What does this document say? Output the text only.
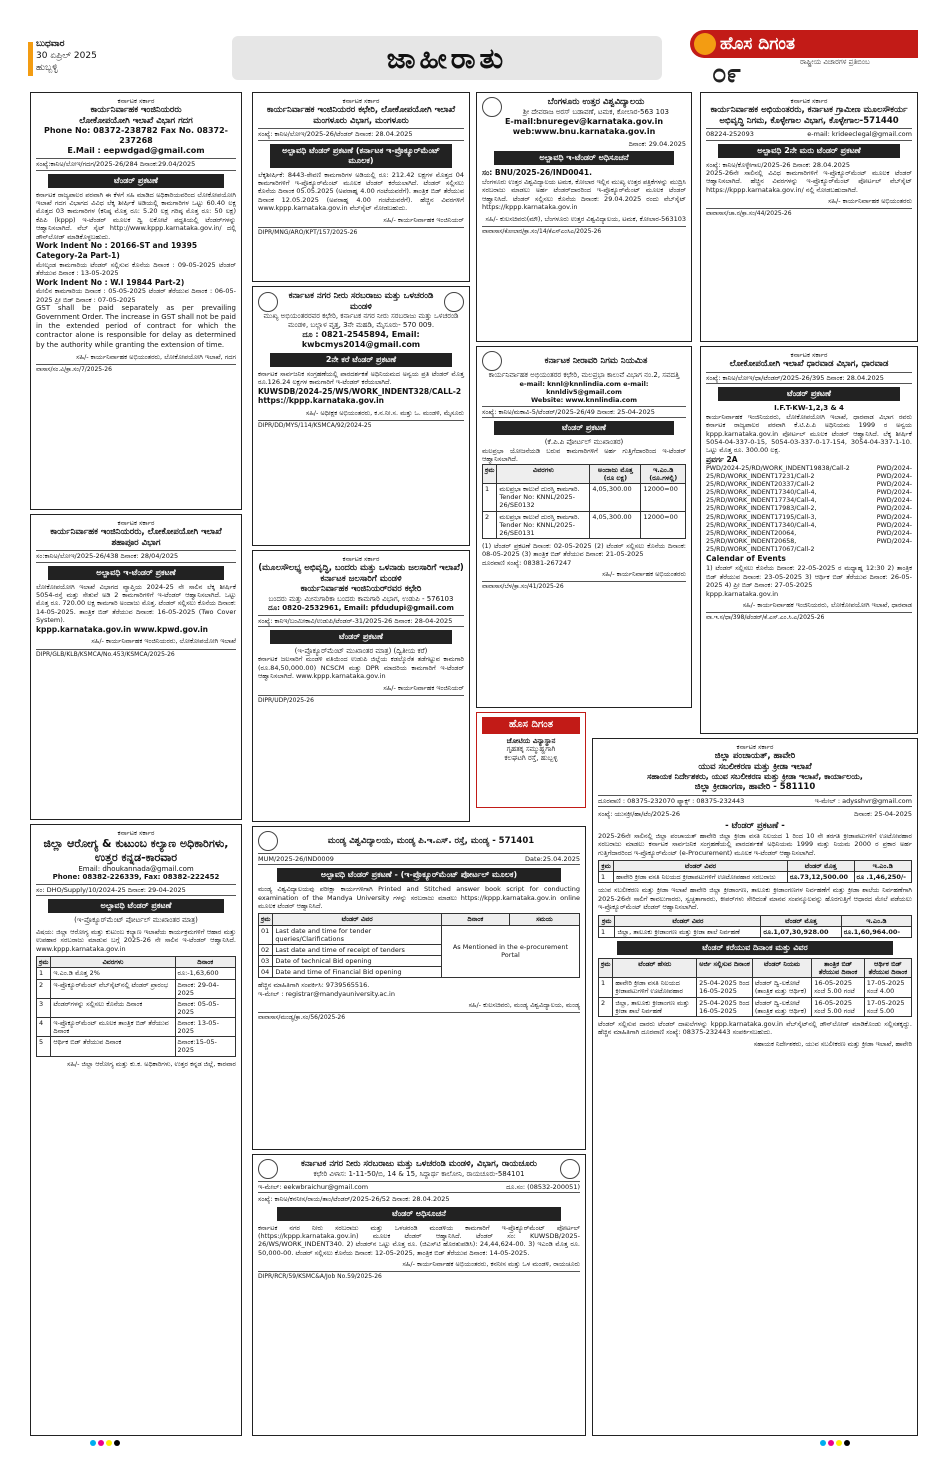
ಬುಧವಾರ
30 ಏಪ್ರಿಲ್ 2025
ಹುಬ್ಬಳ್ಳಿ	ಜಾಹೀರಾತು	ಹೊಸ ದಿಗಂತ
೦೯	ರಾಷ್ಟ್ರೀಯ ವಿಚಾರಗಳ ಪ್ರತಿಬಿಂಬ
ಕರ್ನಾಟಕ ಸರ್ಕಾರ
ಕಾರ್ಯನಿರ್ವಾಹಕ ಇಂಜಿನಿಯರರು
ಲೋಕೋಪಯೋಗಿ ಇಲಾಖೆ ವಿಭಾಗ ಗದಗ
Phone No: 08372-238782 Fax No. 08372-237268
E.Mail : eepwdgad@gmail.com
ಸಂಖ್ಯೆ:ಕಾನಿಅ/ಲೋಇ/ಗದಗ/2025-26/284 ದಿನಾಂಕ:29.04/2025
ಟೆಂಡರ್ ಪ್ರಕಟಣೆ
ಕರ್ನಾಟಕ ರಾಜ್ಯಪಾಲರ ಪರವಾಗಿ ಈ ಕೆಳಗೆ ಸಹಿ ಮಾಡಿದ ಅಧಿಕಾರಿಯವರಿಂದ ಲೋಕೋಪಯೋಗಿ ಇಲಾಖೆ ಗದಗ ವಿಭಾಗದ ವಿವಿಧ ಲೆಕ್ಕ ಶೀರ್ಷಿಕೆ ಅಡಿಯಲ್ಲಿ ಕಾಮಗಾರಿಗಳ ಒಟ್ಟು 60.40 ಲಕ್ಷ ಮೊತ್ತದ 03 ಕಾಮಗಾರಿಗಳ (ಕನಿಷ್ಠ ಮೊತ್ತ ರೂ: 5.20 ಲಕ್ಷ ಗರಿಷ್ಠ ಮೊತ್ತ ರೂ: 50 ಲಕ್ಷ) ಕೆಪಿಪಿ (kppp) ಇ-ಟೆಂಡರ್ ಮೂಲಕ ದ್ವಿ ಲಕೋಟೆ ಪದ್ಧತಿಯಲ್ಲಿ ಟೆಂಡರ್‌ಗಳನ್ನು ಆಹ್ವಾನಿಸಲಾಗಿದೆ. ವೆಬ್ ಸೈಟ್ http://www.kppp.karnataka.gov.in/ ದಲ್ಲಿ ಡೌನ್‌ಲೋಡ್ ಮಾಡಿಕೊಳ್ಳಬಹುದು.
Work Indent No : 20166-ST and 19395 Category-2a Part-1)
ಮೇಲ್ಕಂಡ ಕಾಮಗಾರಿಯ ಟೆಂಡರ್ ಸಲ್ಲಿಸುವ ಕೊನೆಯ ದಿನಾಂಕ : 09-05-2025 ಟೆಂಡರ್ ತೆರೆಯುವ ದಿನಾಂಕ : 13-05-2025
Work Indent No : W.I 19844 Part-2)
ಮೇಲಿನ ಕಾಮಗಾರಿಯ ದಿನಾಂಕ : 05-05-2025 ಟೆಂಡರ್ ತೆರೆಯುವ ದಿನಾಂಕ : 06-05-2025 ಪ್ರೀ ಬಿಡ್ ದಿನಾಂಕ : 07-05-2025
GST shall be paid separately as per prevailing Government Order. The increase in GST shall not be paid in the extended period of contract for which the contractor alone is responsible for delay as determined by the authority while granting the extension of time.
ಸಹಿ/- ಕಾರ್ಯನಿರ್ವಾಹಕ ಅಭಿಯಂತರರು, ಲೋಕೋಪಯೋಗಿ ಇಲಾಖೆ, ಗದಗ
ವಾಸಾಸ/ಸಂ.ವಿ/ಕ್ರಾ.ಸಂ/7/2025-26
ಕರ್ನಾಟಕ ಸರ್ಕಾರ
ಕಾರ್ಯನಿರ್ವಾಹಕ ಇಂಜಿನಿಯರರ ಕಛೇರಿ, ಲೋಕೋಪಯೋಗಿ ಇಲಾಖೆ ಮಂಗಳೂರು ವಿಭಾಗ, ಮಂಗಳೂರು
ಸಂಖ್ಯೆ: ಕಾನಿಅ/ಲೋಇ/2025-26/ಟೆಂಡರ್ ದಿನಾಂಕ: 28.04.2025
ಅಲ್ಪಾವಧಿ ಟೆಂಡರ್ ಪ್ರಕಟಣೆ (ಕರ್ನಾಟಕ ಇ-ಪ್ರೊಕ್ಯೂರ್‌ಮೆಂಟ್ ಮೂಲಕ)
ಲೆಕ್ಕಶೀರ್ಷಿಕೆ: 8443-ಠೇವಣಿ ಕಾಮಗಾರಿಗಳ ಅಡಿಯಲ್ಲಿ ರೂ: 212.42 ಲಕ್ಷಗಳ ಮೊತ್ತದ 04 ಕಾಮಗಾರಿಗಳಿಗೆ ಇ-ಪ್ರೊಕ್ಯೂರ್‌ಮೆಂಟ್ ಮೂಲಕ ಟೆಂಡರ್ ಕರೆಯಲಾಗಿದೆ. ಟೆಂಡರ್ ಸಲ್ಲಿಸಲು ಕೊನೆಯ ದಿನಾಂಕ 05.05.2025 (ಅಪರಾಹ್ನ 4.00 ಗಂಟೆಯವರೆಗೆ). ತಾಂತ್ರಿಕ ಬಿಡ್ ತೆರೆಯುವ ದಿನಾಂಕ 12.05.2025 (ಅಪರಾಹ್ನ 4.00 ಗಂಟೆಯವರೆಗೆ). ಹೆಚ್ಚಿನ ವಿವರಗಳಿಗೆ www.kppp.karnataka.gov.in ವೆಬ್‌ಸೈಟ್ ನೋಡಬಹುದು.
ಸಹಿ/- ಕಾರ್ಯನಿರ್ವಾಹಕ ಇಂಜಿನಿಯರ್
DIPR/MNG/ARO/KPT/157/2025-26
ಕರ್ನಾಟಕ ನಗರ ನೀರು ಸರಬರಾಜು ಮತ್ತು ಒಳಚರಂಡಿ ಮಂಡಳಿ
ಮುಖ್ಯ ಅಭಿಯಂತರರವರ ಕಛೇರಿ, ಕರ್ನಾಟಕ ನಗರ ನೀರು ಸರಬರಾಜು ಮತ್ತು ಒಳಚರಂಡಿ ಮಂಡಳಿ, ಬಲ್ಲಾಳ ವೃತ್ತ, 3ನೇ ಮಹಡಿ, ಮೈಸೂರು- 570 009.
ದೂ : 0821-2545894, Email: kwbcmys2014@gmail.com
2ನೇ ಕರೆ ಟೆಂಡರ್ ಪ್ರಕಟಣೆ
ಕರ್ನಾಟಕ ಸಾರ್ವಜನಿಕ ಸಂಗ್ರಹಣೆಯಲ್ಲಿ ಪಾರದರ್ಶಕತೆ ಅಧಿನಿಯಮದ ಅನ್ವಯ ಪ್ರತಿ ಟೆಂಡರ್ ಮೊತ್ತ ರೂ.126.24 ಲಕ್ಷಗಳ ಕಾಮಗಾರಿಗೆ ಇ-ಟೆಂಡರ್ ಕರೆಯಲಾಗಿದೆ.
KUWSDB/2024-25/WS/WORK_INDENT328/CALL-2
https://kppp.karnataka.gov.in
ಸಹಿ/- ಅಧೀಕ್ಷಕ ಅಭಿಯಂತರರು, ಕ.ನ.ನೀ.ಸ. ಮತ್ತು ಒ. ಮಂಡಳಿ, ಮೈಸೂರು
DIPR/DD/MYS/114/KSMCA/92/2024-25
ಬೆಂಗಳೂರು ಉತ್ತರ ವಿಶ್ವವಿದ್ಯಾಲಯ
ಶ್ರೀ ದೇವರಾಜ ಅರಸ್ ಬಡಾವಣೆ, ಟಮಕ, ಕೋಲಾರ-563 103
E-mail:bnuregev@karnataka.gov.in
web:www.bnu.karnataka.gov.in
ದಿನಾಂಕ: 29.04.2025
ಅಲ್ಪಾವಧಿ ಇ-ಟೆಂಡರ್ ಅಧಿಸೂಚನೆ
ಸಂ: BNU/2025-26/IND0041.
ಬೆಂಗಳೂರು ಉತ್ತರ ವಿಶ್ವವಿದ್ಯಾಲಯ ಟಮಕ, ಕೋಲಾರ ಇಲ್ಲಿನ ಮುಖ್ಯ ಉತ್ತರ ಪತ್ರಿಕೆಗಳನ್ನು ಮುದ್ರಿಸಿ ಸರಬರಾಜು ಮಾಡಲು ಅರ್ಹ ಟೆಂಡರ್‌ದಾರರಿಂದ ಇ-ಪ್ರೊಕ್ಯೂರ್‌ಮೆಂಟ್ ಮೂಲಕ ಟೆಂಡರ್ ಆಹ್ವಾನಿಸಿದೆ. ಟೆಂಡರ್ ಸಲ್ಲಿಸಲು ಕೊನೆಯ ದಿನಾಂಕ: 29.04.2025 ರಂದು ವೆಬ್‌ಸೈಟ್ https://kppp.karnataka.gov.in
ಸಹಿ/- ಕುಲಸಚಿವರು(ಮೌ), ಬೆಂಗಳೂರು ಉತ್ತರ ವಿಶ್ವವಿದ್ಯಾಲಯ, ಟಮಕ, ಕೋಲಾರ-563103
ವಾವಾಸಾಸ/ಕೋಲಾರ/ಕ್ರಾ.ಸಂ/14/ಕೆಎಸ್‌ಎಂಸಿಎ/2025-26
ಕರ್ನಾಟಕ ನೀರಾವರಿ ನಿಗಮ ನಿಯಮಿತ
ಕಾರ್ಯನಿರ್ವಾಹಕ ಅಭಿಯಂತರರ ಕಛೇರಿ, ಮಲಪ್ರಭಾ ಕಾಲುವೆ ವಿಭಾಗ ನಂ.2, ಸವದತ್ತಿ
e-mail: knnl@knnlindia.com e-mail: knnldiv5@gmail.com
Website: www.knnlindia.com
ಸಂಖ್ಯೆ: ಕಾನಿಅ/ಮಕಾವಿ-5/ಟೆಂಡರ್/2025-26/49 ದಿನಾಂಕ: 25-04-2025
ಟೆಂಡರ್ ಪ್ರಕಟಣೆ
(ಕೆ.ಪಿ.ಪಿ ಪೋರ್ಟಲ್ ಮುಖಾಂತರ)
ಮಲಪ್ರಭಾ ಯೋಜನೆಯಡಿ ಬರುವ ಕಾಮಗಾರಿಗಳಿಗೆ ಅರ್ಹ ಗುತ್ತಿಗೆದಾರರಿಂದ ಇ-ಟೆಂಡರ್ ಆಹ್ವಾನಿಸಲಾಗಿದೆ.
ಕ್ರಮ	ವಿವರಗಳು	ಅಂದಾಜು ಮೊತ್ತ (ರೂ ಲಕ್ಷ)	ಇ.ಎಂ.ಡಿ (ರೂ.ಗಳಲ್ಲಿ)
1	ಮಲಪ್ರಭಾ ಕಾಲುವೆ ದುರಸ್ತಿ ಕಾಮಗಾರಿ. Tender No: KNNL/2025-26/SE0132	4,05,300.00	12000=00
2	ಮಲಪ್ರಭಾ ಕಾಲುವೆ ದುರಸ್ತಿ ಕಾಮಗಾರಿ. Tender No: KNNL/2025-26/SE0131	4,05,300.00	12000=00
(1) ಟೆಂಡರ್ ಪ್ರಕಟಣೆ ದಿನಾಂಕ: 02-05-2025 (2) ಟೆಂಡರ್ ಸಲ್ಲಿಸಲು ಕೊನೆಯ ದಿನಾಂಕ: 08-05-2025 (3) ತಾಂತ್ರಿಕ ಬಿಡ್ ತೆರೆಯುವ ದಿನಾಂಕ: 21-05-2025
ದೂರವಾಣಿ ಸಂಖ್ಯೆ: 08381-267247
ಸಹಿ/- ಕಾರ್ಯನಿರ್ವಾಹಕ ಅಭಿಯಂತರರು
ವಾವಾಸಾಸ/ಬೆಳ/ಕ್ರಾ.ಸಂ/41/2025-26
ಕರ್ನಾಟಕ ಸರ್ಕಾರ
ಕಾರ್ಯನಿರ್ವಾಹಕ ಅಭಿಯಂತರರು, ಕರ್ನಾಟಕ ಗ್ರಾಮೀಣ ಮೂಲಸೌಕರ್ಯ ಅಭಿವೃದ್ಧಿ ನಿಗಮ, ಕೊಳ್ಳೇಗಾಲ ವಿಭಾಗ, ಕೊಳ್ಳೇಗಾಲ-571440
08224-252093	e-mail: krideeclegal@gmail.com
ಅಲ್ಪಾವಧಿ 2ನೇ ಮರು ಟೆಂಡರ್ ಪ್ರಕಟಣೆ
ಸಂಖ್ಯೆ: ಕಾನಿಅ/ಕೊಳ್ಳೇಗಾಲ/2025-26 ದಿನಾಂಕ: 28.04.2025
2025-26ನೇ ಸಾಲಿನಲ್ಲಿ ವಿವಿಧ ಕಾಮಗಾರಿಗಳಿಗೆ ಇ-ಪ್ರೊಕ್ಯೂರ್‌ಮೆಂಟ್ ಮೂಲಕ ಟೆಂಡರ್ ಆಹ್ವಾನಿಸಲಾಗಿದೆ. ಹೆಚ್ಚಿನ ವಿವರಗಳನ್ನು ಇ-ಪ್ರೊಕ್ಯೂರ್‌ಮೆಂಟ್ ಪೋರ್ಟಲ್ ವೆಬ್‌ಸೈಟ್ https://kppp.karnataka.gov.in/ ನಲ್ಲಿ ನೋಡಬಹುದಾಗಿದೆ.
ಸಹಿ/- ಕಾರ್ಯನಿರ್ವಾಹಕ ಅಭಿಯಂತರರು
ವಾವಾಸಾಸ/ಚಾ.ನ/ಕ್ರಾ.ಸಂ/44/2025-26
ಕರ್ನಾಟಕ ಸರ್ಕಾರ
ಲೋಕೋಪಯೋಗಿ ಇಲಾಖೆ ಧಾರವಾಡ ವಿಭಾಗ, ಧಾರವಾಡ
ಸಂಖ್ಯೆ: ಕಾನಿಅ/ಲೋಇ/ಧಾ/ಟೆಂಡರ್/2025-26/395 ದಿನಾಂಕ: 28.04.2025
ಟೆಂಡರ್ ಪ್ರಕಟಣೆ
I.F.T-KW-1,2,3 & 4
ಕಾರ್ಯನಿರ್ವಾಹಕ ಇಂಜಿನಿಯರರು, ಲೋಕೋಪಯೋಗಿ ಇಲಾಖೆ, ಧಾರವಾಡ ವಿಭಾಗ ರವರು ಕರ್ನಾಟಕ ರಾಜ್ಯಪಾಲರ ಪರವಾಗಿ ಕೆ.ಟಿ.ಪಿ.ಪಿ ಅಧಿನಿಯಮ 1999 ರ ಅನ್ವಯ kppp.karnataka.gov.in ಪೋರ್ಟಲ್ ಮೂಲಕ ಟೆಂಡರ್ ಆಹ್ವಾನಿಸಿದೆ. ಲೆಕ್ಕ ಶೀರ್ಷಿಕೆ 5054-04-337-0-15, 5054-03-337-0-17-154, 3054-04-337-1-10. ಒಟ್ಟು ಮೊತ್ತ ರೂ. 300.00 ಲಕ್ಷ.
ಪ್ರವರ್ಗ 2A
PWD/2024-25/RD/WORK_INDENT19838/Call-2 PWD/2024-25/RD/WORK_INDENT17231/Call-2 PWD/2024-25/RD/WORK_INDENT20337/Call-2 PWD/2024-25/RD/WORK_INDENT17340/Call-4, PWD/2024-25/RD/WORK_INDENT17734/Call-4, PWD/2024-25/RD/WORK_INDENT17983/Call-2, PWD/2024-25/RD/WORK_INDENT17195/Call-3, PWD/2024-25/RD/WORK_INDENT17340/Call-4, PWD/2024-25/RD/WORK_INDENT20064, PWD/2024-25/RD/WORK_INDENT20658, PWD/2024-25/RD/WORK_INDENT17067/Call-2
Calendar of Events
1) ಟೆಂಡರ್ ಸಲ್ಲಿಸಲು ಕೊನೆಯ ದಿನಾಂಕ: 22-05-2025 ರ ಮಧ್ಯಾಹ್ನ 12:30 2) ತಾಂತ್ರಿಕ ಬಿಡ್ ತೆರೆಯುವ ದಿನಾಂಕ: 23-05-2025 3) ಆರ್ಥಿಕ ಬಿಡ್ ತೆರೆಯುವ ದಿನಾಂಕ: 26-05-2025 4) ಪ್ರೀ ಬಿಡ್ ದಿನಾಂಕ: 27-05-2025
kppp.karnataka.gov.in
ಸಹಿ/- ಕಾರ್ಯನಿರ್ವಾಹಕ ಇಂಜಿನಿಯರರು, ಲೋಕೋಪಯೋಗಿ ಇಲಾಖೆ, ಧಾರವಾಡ
ವಾ.ಇ.ಸ/ಧಾ/398/ಟೆಂಡರ್/ಕೆ.ಎಸ್.ಎಂ.ಸಿ.ಎ/2025-26
ಕರ್ನಾಟಕ ಸರ್ಕಾರ
ಕಾರ್ಯನಿರ್ವಾಹಕ ಇಂಜಿನಿಯರರು, ಲೋಕೋಪಯೋಗಿ ಇಲಾಖೆ ಶಹಾಪೂರ ವಿಭಾಗ
ಸಂ:ಕಾನಿಅ/ಲೋಇ/2025-26/438 ದಿನಾಂಕ: 28/04/2025
ಅಲ್ಪಾವಧಿ ಇ-ಟೆಂಡರ್ ಪ್ರಕಟಣೆ
ಲೋಕೋಪಯೋಗಿ ಇಲಾಖೆ ವಿಭಾಗದ ವ್ಯಾಪ್ತಿಯ 2024-25 ನೇ ಸಾಲಿನ ಲೆಕ್ಕ ಶೀರ್ಷಿಕೆ 5054-ರಸ್ತೆ ಮತ್ತು ಸೇತುವೆ ಅಡಿ 2 ಕಾಮಗಾರಿಗಳಿಗೆ ಇ-ಟೆಂಡರ್ ಆಹ್ವಾನಿಸಲಾಗಿದೆ. ಒಟ್ಟು ಮೊತ್ತ ರೂ. 720.00 ಲಕ್ಷ ಕಾಮಗಾರಿ ಅಂದಾಜು ಮೊತ್ತ. ಟೆಂಡರ್ ಸಲ್ಲಿಸಲು ಕೊನೆಯ ದಿನಾಂಕ: 14-05-2025. ತಾಂತ್ರಿಕ ಬಿಡ್ ತೆರೆಯುವ ದಿನಾಂಕ: 16-05-2025 (Two Cover System).
kppp.karnataka.gov.in www.kpwd.gov.in
ಸಹಿ/- ಕಾರ್ಯನಿರ್ವಾಹಕ ಇಂಜಿನಿಯರರು, ಲೋಕೋಪಯೋಗಿ ಇಲಾಖೆ
DIPR/GLB/KLB/KSMCA/No.453/KSMCA/2025-26
ಕರ್ನಾಟಕ ಸರ್ಕಾರ
(ಮೂಲಸೌಲಭ್ಯ ಅಭಿವೃದ್ಧಿ, ಬಂದರು ಮತ್ತು ಒಳನಾಡು ಜಲಸಾರಿಗೆ ಇಲಾಖೆ) ಕರ್ನಾಟಕ ಜಲಸಾರಿಗೆ ಮಂಡಳಿ
ಕಾರ್ಯನಿರ್ವಾಹಕ ಇಂಜಿನಿಯರ್‌ರವರ ಕಛೇರಿ
ಬಂದರು ಮತ್ತು ಮೀನುಗಾರಿಕಾ ಬಂದರು ಕಾಮಗಾರಿ ವಿಭಾಗ, ಉಡುಪಿ - 576103
ದೂ: 0820-2532961, Email: pfdudupi@gmail.com
ಸಂಖ್ಯೆ: ಕಾನಿಇ/ಬಂಮೀಕಾವಿ/ಉಡುಪಿ/ಟೆಂಡರ್-31/2025-26 ದಿನಾಂಕ: 28-04-2025
ಟೆಂಡರ್ ಪ್ರಕಟಣೆ
(ಇ-ಪ್ರೊಕ್ಯೂರ್‌ಮೆಂಟ್ ಮುಖಾಂತರ ಮಾತ್ರ) (ದ್ವಿತೀಯ ಕರೆ)
ಕರ್ನಾಟಕ ಜಲಸಾರಿಗೆ ಮಂಡಳಿ ವತಿಯಿಂದ ಉಡುಪಿ ಜಿಲ್ಲೆಯ ಕಡಲ್ಕೊರೆತ ತಡೆಗಟ್ಟುವ ಕಾಮಗಾರಿ (ರೂ.84,50,000.00) NCSCM ಮತ್ತು DPR ಮಾದರಿಯ ಕಾಮಗಾರಿಗೆ ಇ-ಟೆಂಡರ್ ಆಹ್ವಾನಿಸಲಾಗಿದೆ. www.kppp.karnataka.gov.in
ಸಹಿ/- ಕಾರ್ಯನಿರ್ವಾಹಕ ಇಂಜಿನಿಯರ್
DIPR/UDP/2025-26
ಹೊಸ ದಿಗಂತ
ಚೋಟಿಯ ವಿನ್ಯಾಸ್ಥಾನ
ಗೃಹತಕ್ಕ ಸಮ್ಮುಹ್ಹಗಾಗಿ
ಕಲಘಟಗಿ ರಸ್ತೆ, ಹುಬ್ಬಳ್ಳಿ
ಕರ್ನಾಟಕ ಸರ್ಕಾರ
ಜಿಲ್ಲಾ ಆರೋಗ್ಯ & ಕುಟುಂಬ ಕಲ್ಯಾಣ ಅಧಿಕಾರಿಗಳು, ಉತ್ತರ ಕನ್ನಡ-ಕಾರವಾರ
Email: dhoukannada@gmail.com
Phone: 08382-226339, Fax: 08382-222452
ಸಂ: DHO/Supply/10/2024-25 ದಿನಾಂಕ: 29-04-2025
ಅಲ್ಪಾವಧಿ ಟೆಂಡರ್ ಪ್ರಕಟಣೆ
(ಇ-ಪ್ರೊಕ್ಯೂರ್‌ಮೆಂಟ್ ಪೋರ್ಟಲ್ ಮುಖಾಂತರ ಮಾತ್ರ)
ವಿಷಯ: ಜಿಲ್ಲಾ ಆರೋಗ್ಯ ಮತ್ತು ಕುಟುಂಬ ಕಲ್ಯಾಣ ಇಲಾಖೆಯ ಕಾರ್ಯಕ್ರಮಗಳಿಗೆ ಆಹಾರ ಮತ್ತು ಉಪಹಾರ ಸರಬರಾಜು ಮಾಡುವ ಬಗ್ಗೆ 2025-26 ನೇ ಸಾಲಿನ ಇ-ಟೆಂಡರ್ ಆಹ್ವಾನಿಸಿದೆ. www.kppp.karnataka.gov.in
ಕ್ರಮ	ವಿವರಗಳು	ದಿನಾಂಕ
1	ಇ.ಎಂ.ಡಿ ಮೊತ್ತ 2%	ರೂ:-1,63,600
2	ಇ-ಪ್ರೊಕ್ಯೂರ್‌ಮೆಂಟ್ ವೆಬ್‌ಸೈಟ್‌ನಲ್ಲಿ ಟೆಂಡರ್ ಪ್ರಾರಂಭ	ದಿನಾಂಕ: 29-04-2025
3	ಟೆಂಡರ್‌ಗಳನ್ನು ಸಲ್ಲಿಸಲು ಕೊನೆಯ ದಿನಾಂಕ	ದಿನಾಂಕ: 05-05-2025
4	ಇ-ಪ್ರೊಕ್ಯೂರ್‌ಮೆಂಟ್ ಮೂಲಕ ತಾಂತ್ರಿಕ ಬಿಡ್ ತೆರೆಯುವ ದಿನಾಂಕ	ದಿನಾಂಕ: 13-05-2025
5	ಆರ್ಥಿಕ ಬಿಡ್ ತೆರೆಯುವ ದಿನಾಂಕ	ದಿನಾಂಕ:15-05-2025
ಸಹಿ/- ಜಿಲ್ಲಾ ಆರೋಗ್ಯ ಮತ್ತು ಕು.ಕ. ಅಧಿಕಾರಿಗಳು, ಉತ್ತರ ಕನ್ನಡ ಜಿಲ್ಲೆ, ಕಾರವಾರ
ಮಂಡ್ಯ ವಿಶ್ವವಿದ್ಯಾಲಯ, ಮಂಡ್ಯ ಪಿ.ಇ.ಎಸ್. ರಸ್ತೆ, ಮಂಡ್ಯ - 571401
MUM/2025-26/IND0009	Date:25.04.2025
ಅಲ್ಪಾವಧಿ ಟೆಂಡರ್ ಪ್ರಕಟಣೆ - (ಇ-ಪ್ರೊಕ್ಯೂರ್‌ಮೆಂಟ್ ಪೋರ್ಟಲ್ ಮೂಲಕ)
ಮಂಡ್ಯ ವಿಶ್ವವಿದ್ಯಾಲಯವು ಪರೀಕ್ಷಾ ಕಾರ್ಯಗಳಿಗಾಗಿ Printed and Stitched answer book script for conducting examination of the Mandya University ಗಳನ್ನು ಸರಬರಾಜು ಮಾಡಲು https://kppp.karnataka.gov.in online ಮೂಲಕ ಟೆಂಡರ್ ಆಹ್ವಾನಿಸಿದೆ.
ಕ್ರಮ	ಟೆಂಡರ್ ವಿವರ	ದಿನಾಂಕ	ಸಮಯ
01	Last date and time for tender queries/Clarifications	As Mentioned in the e-procurement Portal	
02	Last date and time of receipt of tenders		
03	Date of technical Bid opening		
04	Date and time of Financial Bid opening		
ಹೆಚ್ಚಿನ ಮಾಹಿತಿಗಾಗಿ ಸಂಪರ್ಕಿಸಿ: 9739565516.
ಇ-ಮೇಲ್ : registrar@mandyauniversity.ac.in
ಸಹಿ/- ಕುಲಸಚಿವರು, ಮಂಡ್ಯ ವಿಶ್ವವಿದ್ಯಾಲಯ, ಮಂಡ್ಯ
ವಾವಾಸಾಸ/ಮಂಡ್ಯ/ಕ್ರಾ.ಸಂ/56/2025-26
ಕರ್ನಾಟಕ ನಗರ ನೀರು ಸರಬರಾಜು ಮತ್ತು ಒಳಚರಂಡಿ ಮಂಡಳಿ, ವಿಭಾಗ, ರಾಯಚೂರು
ಕಛೇರಿ ವಿಳಾಸ: 1-11-50/ಬಿ, 14 & 15, ಸಿದ್ದಾರ್ಥ ಕಾಲೋನಿ, ರಾಯಚೂರು-584101
ಇ-ಮೇಲ್: eekwbraichur@gmail.com	ದೂ.ಸಂ: (08532-200051)
ಸಂಖ್ಯೆ: ಕಾನಿಅ/ಕನನೀಸ/ರಾಯ/ತಾಂ/ಟೆಂಡರ್/2025-26/52 ದಿನಾಂಕ: 28.04.2025
ಟೆಂಡರ್ ಅಧಿಸೂಚನೆ
ಕರ್ನಾಟಕ ನಗರ ನೀರು ಸರಬರಾಜು ಮತ್ತು ಒಳಚರಂಡಿ ಮಂಡಳಿಯ ಕಾಮಗಾರಿಗೆ ಇ-ಪ್ರೊಕ್ಯೂರ್‌ಮೆಂಟ್ ಪೋರ್ಟಲ್ (https://kppp.karnataka.gov.in) ಮೂಲಕ ಟೆಂಡರ್ ಆಹ್ವಾನಿಸಿದೆ. ಟೆಂಡರ್ ಸಂ: KUWSDB/2025-26/WS/WORK_INDENT340. 2) ಟೆಂಡರ್‌ನ ಒಟ್ಟು ಮೊತ್ತ ರೂ. (ಜಿಎಸ್‌ಟಿ ಹೊರತುಪಡಿಸಿ): 24,44,624-00. 3) ಇಎಂಡಿ ಮೊತ್ತ ರೂ. 50,000-00. ಟೆಂಡರ್ ಸಲ್ಲಿಸಲು ಕೊನೆಯ ದಿನಾಂಕ: 12-05-2025, ತಾಂತ್ರಿಕ ಬಿಡ್ ತೆರೆಯುವ ದಿನಾಂಕ: 14-05-2025.
ಸಹಿ/- ಕಾರ್ಯನಿರ್ವಾಹಕ ಅಭಿಯಂತರರು, ಕನನೀಸ ಮತ್ತು ಒಳ ಮಂಡಳಿ, ರಾಯಚೂರು
DIPR/RCR/59/KSMC&A/Job No.59/2025-26
ಕರ್ನಾಟಕ ಸರ್ಕಾರ
ಜಿಲ್ಲಾ ಪಂಚಾಯತ್, ಹಾವೇರಿ
ಯುವ ಸಬಲೀಕರಣ ಮತ್ತು ಕ್ರೀಡಾ ಇಲಾಖೆ
ಸಹಾಯಕ ನಿರ್ದೇಶಕರು, ಯುವ ಸಬಲೀಕರಣ ಮತ್ತು ಕ್ರೀಡಾ ಇಲಾಖೆ, ಕಾರ್ಯಾಲಯ,
ಜಿಲ್ಲಾ ಕ್ರೀಡಾಂಗಣ, ಹಾವೇರಿ - 581110
ದೂರವಾಣಿ : 08375-232070 ಫ್ಯಾಕ್ಸ್ : 08375-232443	ಇ-ಮೇಲ್ : adysshvr@gmail.com
ಸಂಖ್ಯೆ: ಯುಸಕ್ರೀ/ಹಾ/ಟೆಂ/2025-26	ದಿನಾಂಕ: 25-04-2025
- ಟೆಂಡರ್ ಪ್ರಕಟಣೆ -
2025-26ನೇ ಸಾಲಿನಲ್ಲಿ ಜಿಲ್ಲಾ ಪಂಚಾಯತ್ ಹಾವೇರಿ ಜಿಲ್ಲಾ ಕ್ರೀಡಾ ವಸತಿ ನಿಲಯದ 1 ರಿಂದ 10 ನೇ ತರಗತಿ ಕ್ರೀಡಾಪಟುಗಳಿಗೆ ಊಟೋಪಹಾರ ಸರಬರಾಜು ಮಾಡಲು ಕರ್ನಾಟಕ ಸಾರ್ವಜನಿಕ ಸಂಗ್ರಹಣೆಯಲ್ಲಿ ಪಾರದರ್ಶಕತೆ ಅಧಿನಿಯಮ 1999 ಮತ್ತು ನಿಯಮ 2000 ರ ಪ್ರಕಾರ ಅರ್ಹ ಗುತ್ತಿಗೆದಾರರಿಂದ ಇ-ಪ್ರೊಕ್ಯೂರ್‌ಮೆಂಟ್ (e-Procurement) ಮೂಲಕ ಇ-ಟೆಂಡರ್ ಆಹ್ವಾನಿಸಲಾಗಿದೆ.
ಕ್ರಮ	ಟೆಂಡರ್ ವಿವರ	ಟೆಂಡರ್ ಮೊತ್ತ	ಇ.ಎಂ.ಡಿ
1	ಹಾವೇರಿ ಕ್ರೀಡಾ ವಸತಿ ನಿಲಯದ ಕ್ರೀಡಾಪಟುಗಳಿಗೆ ಊಟೋಪಹಾರ ಸರಬರಾಜು	ರೂ.73,12,500.00	ರೂ .1,46,250/-
ಯುವ ಸಬಲೀಕರಣ ಮತ್ತು ಕ್ರೀಡಾ ಇಲಾಖೆ ಹಾವೇರಿ ಜಿಲ್ಲಾ ಕ್ರೀಡಾಂಗಣ, ತಾಲೂಕು ಕ್ರೀಡಾಂಗಣಗಳ ನಿರ್ವಹಣೆಗೆ ಮತ್ತು ಕ್ರೀಡಾ ಶಾಲೆಯ ನಿರ್ವಹಣೆಗಾಗಿ 2025-26ನೇ ಸಾಲಿಗೆ ಕಾವಲುಗಾರರು, ಸ್ವಚ್ಛತಾಗಾರರು, ಕೀಪರ್‌ಗಳು ಸೇರಿದಂತೆ ಮಾನವ ಸಂಪನ್ಮೂಲವನ್ನು ಹೊರಗುತ್ತಿಗೆ ಆಧಾರದ ಮೇಲೆ ಪಡೆಯಲು ಇ-ಪ್ರೊಕ್ಯೂರ್‌ಮೆಂಟ್ ಟೆಂಡರ್ ಆಹ್ವಾನಿಸಲಾಗಿದೆ.
ಕ್ರಮ	ಟೆಂಡರ್ ವಿವರ	ಟೆಂಡರ್ ಮೊತ್ತ	ಇ.ಎಂ.ಡಿ
1	ಜಿಲ್ಲಾ, ತಾಲೂಕು ಕ್ರೀಡಾಂಗಣ ಮತ್ತು ಕ್ರೀಡಾ ಶಾಲೆ ನಿರ್ವಹಣೆ	ರೂ.1,07,30,928.00	ರೂ.1,60,964.00-
ಟೆಂಡರ್ ಕರೆಯುವ ದಿನಾಂಕ ಮತ್ತು ವಿವರ
ಕ್ರಮ	ಟೆಂಡರ್ ಹೆಸರು	ಅರ್ಜಿ ಸಲ್ಲಿಸುವ ದಿನಾಂಕ	ಟೆಂಡರ್ ನಿಯಮ	ತಾಂತ್ರಿಕ ಬಿಡ್ ತೆರೆಯುವ ದಿನಾಂಕ	ಆರ್ಥಿಕ ಬಿಡ್ ತೆರೆಯುವ ದಿನಾಂಕ
1	ಹಾವೇರಿ ಕ್ರೀಡಾ ವಸತಿ ನಿಲಯದ ಕ್ರೀಡಾಪಟುಗಳಿಗೆ ಊಟೋಪಹಾರ	25-04-2025 ರಿಂದ 16-05-2025	ಟೆಂಡರ್ ದ್ವಿ-ಲಕೋಟೆ (ತಾಂತ್ರಿಕ ಮತ್ತು ಆರ್ಥಿಕ)	16-05-2025 ಸಂಜೆ 5.00 ಗಂಟೆ	17-05-2025 ಸಂಜೆ 4.00
2	ಜಿಲ್ಲಾ, ತಾಲೂಕು ಕ್ರೀಡಾಂಗಣ ಮತ್ತು ಕ್ರೀಡಾ ಶಾಲೆ ನಿರ್ವಹಣೆ	25-04-2025 ರಿಂದ 16-05-2025	ಟೆಂಡರ್ ದ್ವಿ-ಲಕೋಟೆ (ತಾಂತ್ರಿಕ ಮತ್ತು ಆರ್ಥಿಕ)	16-05-2025 ಸಂಜೆ 5.00 ಗಂಟೆ	17-05-2025 ಸಂಜೆ 5.00
ಟೆಂಡರ್ ಸಲ್ಲಿಸುವ ದಾರರು ಟೆಂಡರ್ ದಾಖಲೆಗಳನ್ನು kppp.karnataka.gov.in ವೆಬ್‌ಸೈಟ್‌ನಲ್ಲಿ ಡೌನ್‌ಲೋಡ್ ಮಾಡಿಕೊಂಡು ಸಲ್ಲಿಸತಕ್ಕದ್ದು. ಹೆಚ್ಚಿನ ಮಾಹಿತಿಗಾಗಿ ದೂರವಾಣಿ ಸಂಖ್ಯೆ: 08375-232443 ಸಂಪರ್ಕಿಸಬಹುದು.
ಸಹಾಯಕ ನಿರ್ದೇಶಕರು, ಯುವ ಸಬಲೀಕರಣ ಮತ್ತು ಕ್ರೀಡಾ ಇಲಾಖೆ, ಹಾವೇರಿ
